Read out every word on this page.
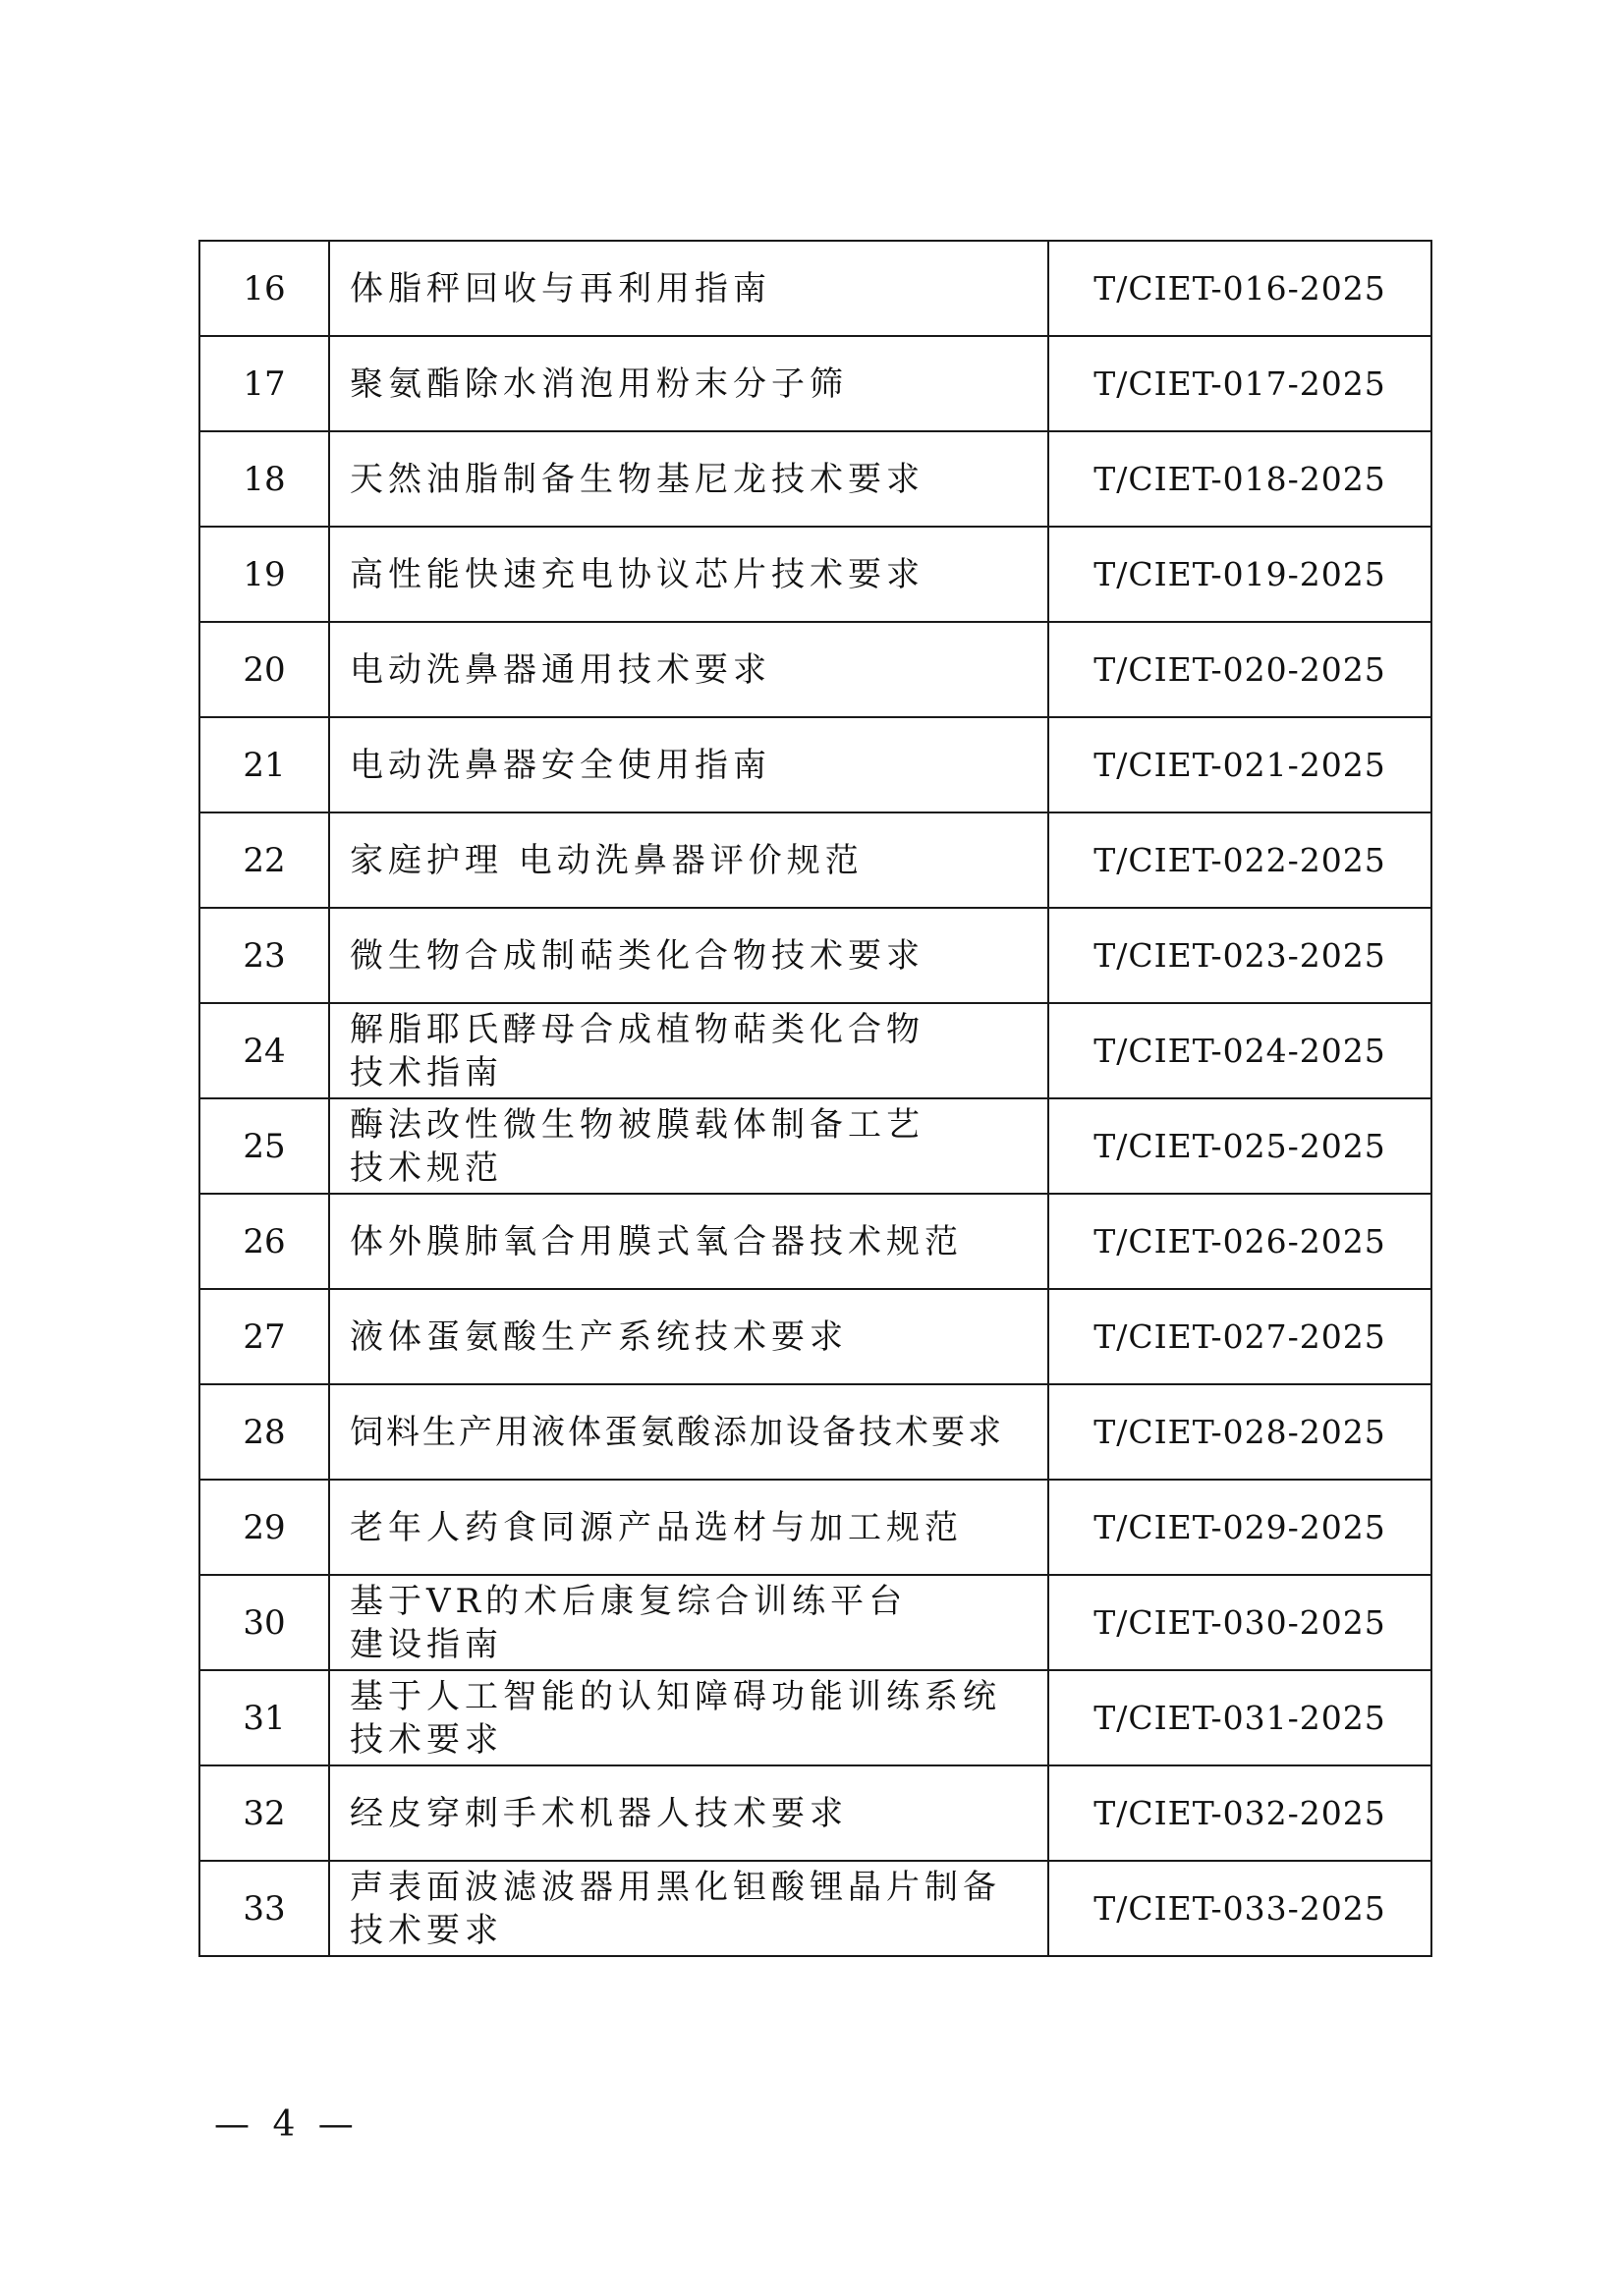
16	体脂秤回收与再利用指南	T/CIET-016-2025
17	聚氨酯除水消泡用粉末分子筛	T/CIET-017-2025
18	天然油脂制备生物基尼龙技术要求	T/CIET-018-2025
19	高性能快速充电协议芯片技术要求	T/CIET-019-2025
20	电动洗鼻器通用技术要求	T/CIET-020-2025
21	电动洗鼻器安全使用指南	T/CIET-021-2025
22	家庭护理 电动洗鼻器评价规范	T/CIET-022-2025
23	微生物合成制萜类化合物技术要求	T/CIET-023-2025
24	解脂耶氏酵母合成植物萜类化合物
技术指南	T/CIET-024-2025
25	酶法改性微生物被膜载体制备工艺
技术规范	T/CIET-025-2025
26	体外膜肺氧合用膜式氧合器技术规范	T/CIET-026-2025
27	液体蛋氨酸生产系统技术要求	T/CIET-027-2025
28	饲料生产用液体蛋氨酸添加设备技术要求	T/CIET-028-2025
29	老年人药食同源产品选材与加工规范	T/CIET-029-2025
30	基于VR的术后康复综合训练平台
建设指南	T/CIET-030-2025
31	基于人工智能的认知障碍功能训练系统
技术要求	T/CIET-031-2025
32	经皮穿刺手术机器人技术要求	T/CIET-032-2025
33	声表面波滤波器用黑化钽酸锂晶片制备
技术要求	T/CIET-033-2025
— 4 —
